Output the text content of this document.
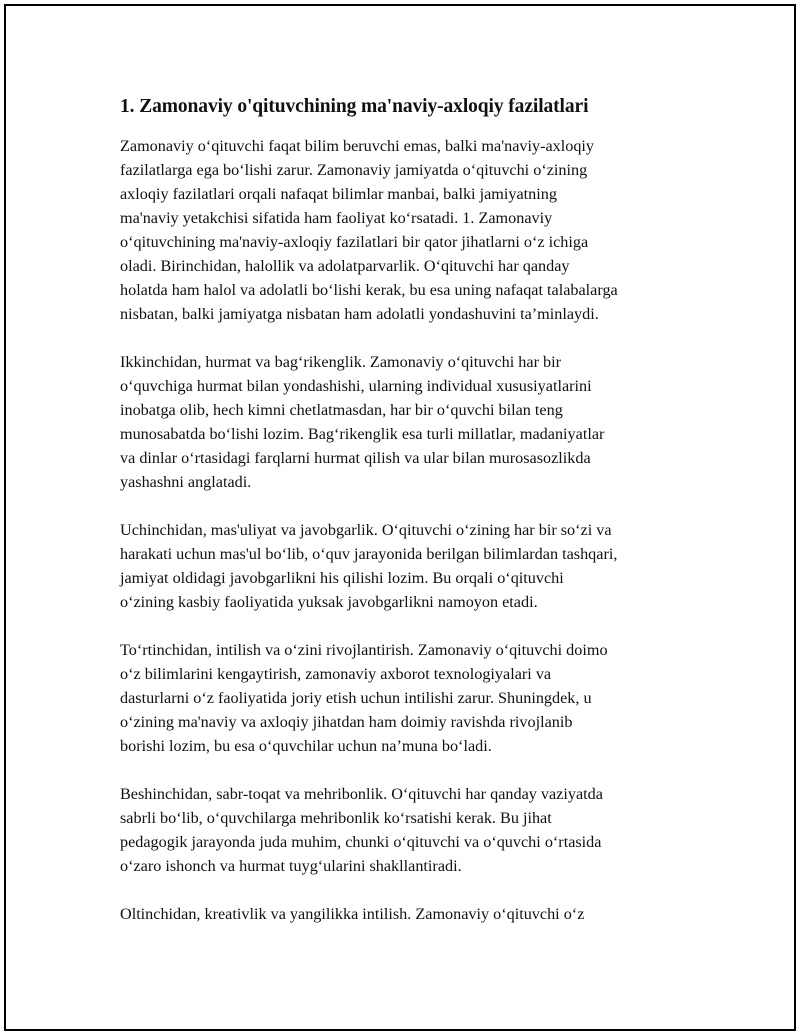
1. Zamonaviy o'qituvchining ma'naviy-axloqiy fazilatlari

Zamonaviy o‘qituvchi faqat bilim beruvchi emas, balki ma'naviy-axloqiy
fazilatlarga ega bo‘lishi zarur. Zamonaviy jamiyatda o‘qituvchi o‘zining
axloqiy fazilatlari orqali nafaqat bilimlar manbai, balki jamiyatning
ma'naviy yetakchisi sifatida ham faoliyat ko‘rsatadi. 1. Zamonaviy
o‘qituvchining ma'naviy-axloqiy fazilatlari bir qator jihatlarni o‘z ichiga
oladi. Birinchidan, halollik va adolatparvarlik. O‘qituvchi har qanday
holatda ham halol va adolatli bo‘lishi kerak, bu esa uning nafaqat talabalarga
nisbatan, balki jamiyatga nisbatan ham adolatli yondashuvini ta’minlaydi.

Ikkinchidan, hurmat va bag‘rikenglik. Zamonaviy o‘qituvchi har bir
o‘quvchiga hurmat bilan yondashishi, ularning individual xususiyatlarini
inobatga olib, hech kimni chetlatmasdan, har bir o‘quvchi bilan teng
munosabatda bo‘lishi lozim. Bag‘rikenglik esa turli millatlar, madaniyatlar
va dinlar o‘rtasidagi farqlarni hurmat qilish va ular bilan murosasozlikda
yashashni anglatadi.

Uchinchidan, mas'uliyat va javobgarlik. O‘qituvchi o‘zining har bir so‘zi va
harakati uchun mas'ul bo‘lib, o‘quv jarayonida berilgan bilimlardan tashqari,
jamiyat oldidagi javobgarlikni his qilishi lozim. Bu orqali o‘qituvchi
o‘zining kasbiy faoliyatida yuksak javobgarlikni namoyon etadi.

To‘rtinchidan, intilish va o‘zini rivojlantirish. Zamonaviy o‘qituvchi doimo
o‘z bilimlarini kengaytirish, zamonaviy axborot texnologiyalari va
dasturlarni o‘z faoliyatida joriy etish uchun intilishi zarur. Shuningdek, u
o‘zining ma'naviy va axloqiy jihatdan ham doimiy ravishda rivojlanib
borishi lozim, bu esa o‘quvchilar uchun na’muna bo‘ladi.

Beshinchidan, sabr-toqat va mehribonlik. O‘qituvchi har qanday vaziyatda
sabrli bo‘lib, o‘quvchilarga mehribonlik ko‘rsatishi kerak. Bu jihat
pedagogik jarayonda juda muhim, chunki o‘qituvchi va o‘quvchi o‘rtasida
o‘zaro ishonch va hurmat tuyg‘ularini shakllantiradi.

Oltinchidan, kreativlik va yangilikka intilish. Zamonaviy o‘qituvchi o‘z
